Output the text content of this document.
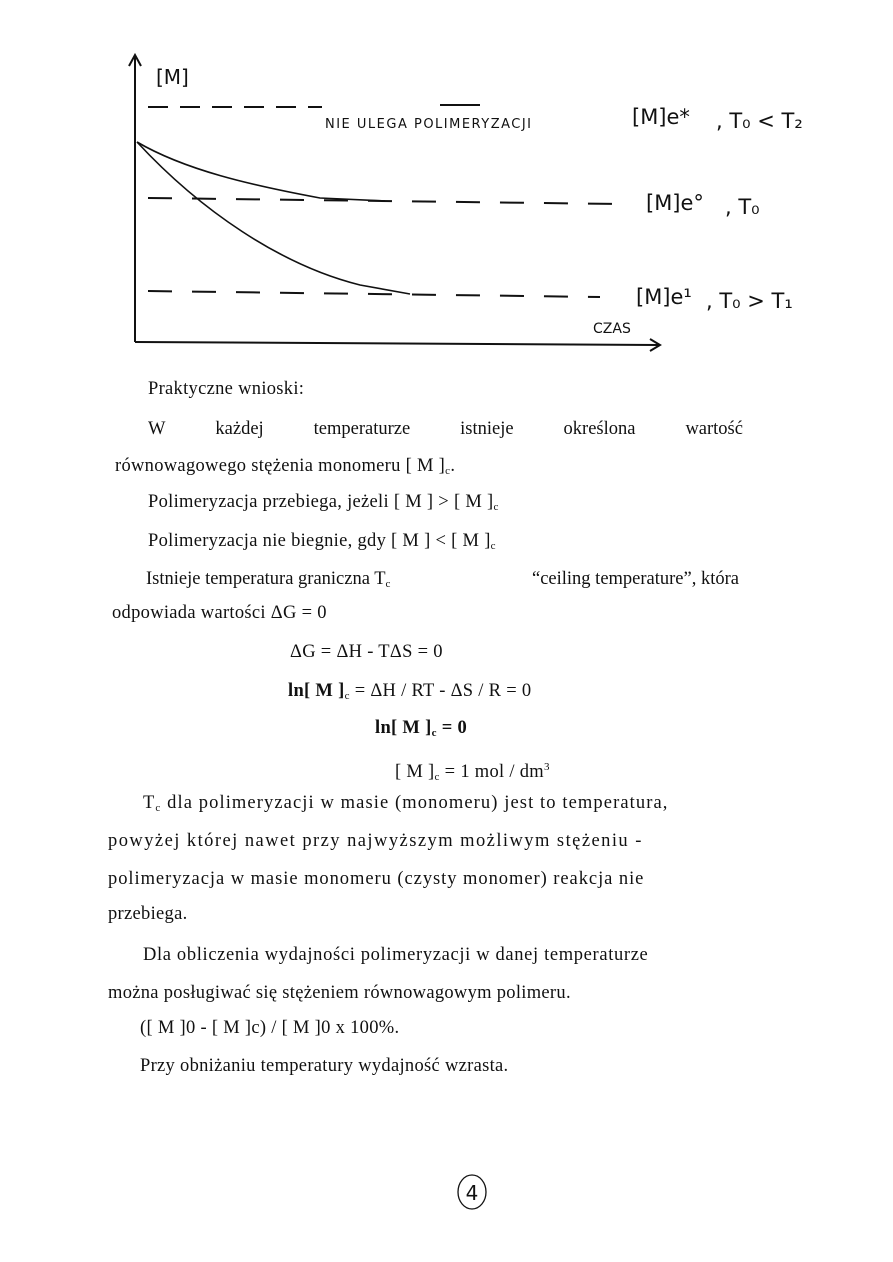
[M]
CZAS
NIE ULEGA POLIMERYZACJI	[M]e* , T₀ < T₂
[M]e° , T₀
[M]e¹ , T₀ > T₁
Praktyczne wnioski:
W	każdej	temperaturze	istnieje	określona	wartość
równowagowego stężenia monomeru [ M ]$_c$.
Polimeryzacja przebiega, jeżeli [ M ] > [ M ]$_c$
Polimeryzacja nie biegnie, gdy [ M ] < [ M ]$_c$
Istnieje temperatura graniczna $T_c$	“ceiling temperature”, która
odpowiada wartości ΔG = 0
ΔG = ΔH - TΔS = 0
ln[ M ]$_c = \Delta H$ / RT - ΔS / R = 0
ln[ M ]$_c = 0$
[ M ]$_c = 1$ mol / $dm^3$
$T_c$ dla polimeryzacji w masie (monomeru) jest to temperatura,
powyżej której nawet przy najwyższym możliwym stężeniu -
polimeryzacja w masie monomeru (czysty monomer) reakcja nie
przebiega.
Dla obliczenia wydajności polimeryzacji w danej temperaturze
można posługiwać się stężeniem równowagowym polimeru.
([ M ]0 - [ M ]c) / [ M ]0 x 100%.
Przy obniżaniu temperatury wydajność wzrasta.
4
